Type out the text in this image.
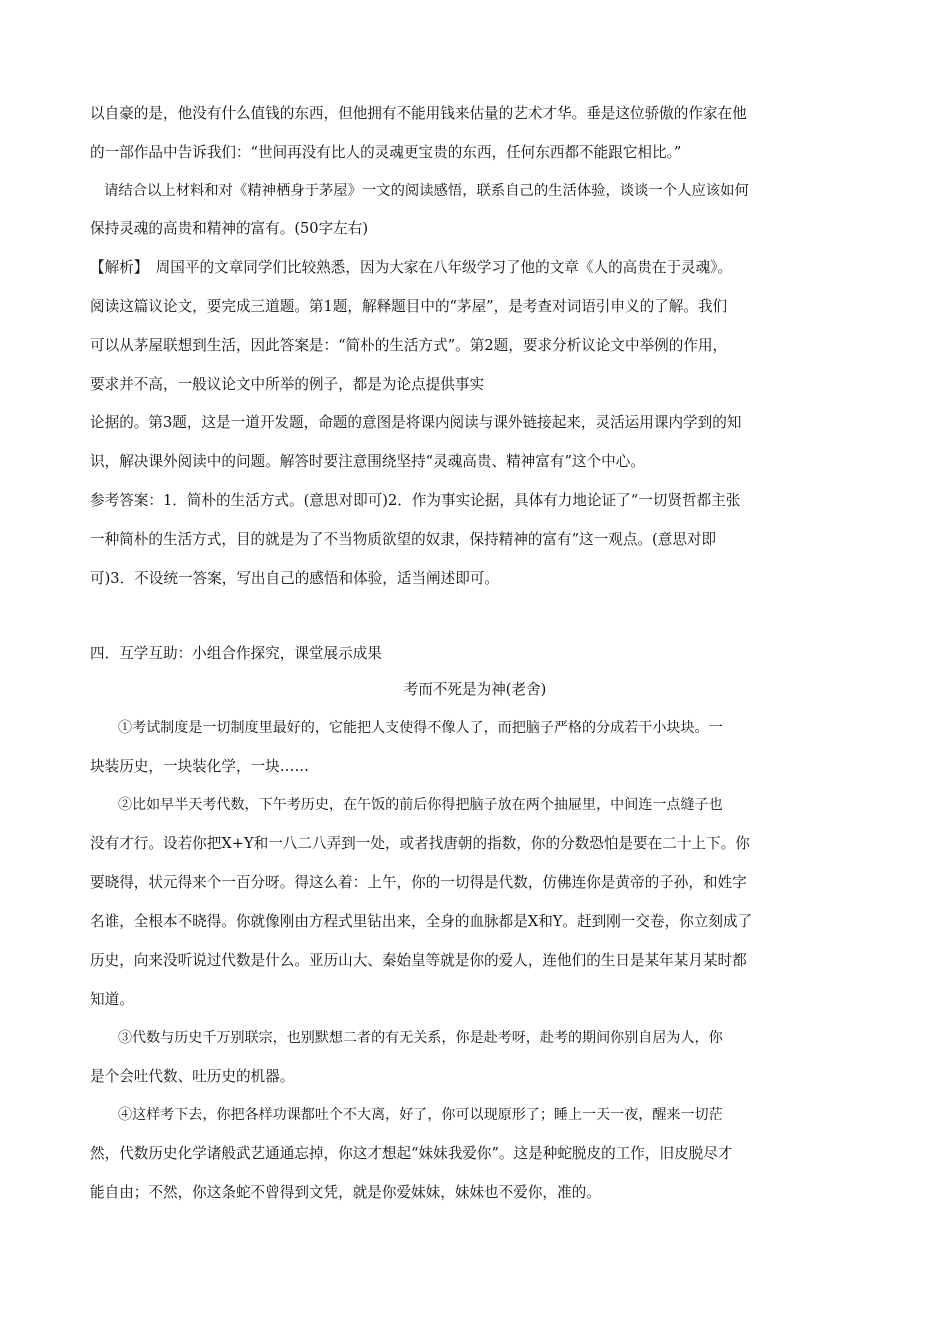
以自豪的是，他没有什么值钱的东西，但他拥有不能用钱来估量的艺术才华。垂是这位骄傲的作家在他
的一部作品中告诉我们：“世间再没有比人的灵魂更宝贵的东西，任何东西都不能跟它相比。”
请结合以上材料和对《精神栖身于茅屋》一文的阅读感悟，联系自己的生活体验，谈谈一个人应该如何
保持灵魂的高贵和精神的富有。(50字左右)
【解析】　周国平的文章同学们比较熟悉，因为大家在八年级学习了他的文章《人的高贵在于灵魂》。
阅读这篇议论文，要完成三道题。第1题，解释题目中的“茅屋”，是考查对词语引申义的了解。我们
可以从茅屋联想到生活，因此答案是：“简朴的生活方式”。第2题，要求分析议论文中举例的作用，
要求并不高，一般议论文中所举的例子，都是为论点提供事实
论据的。第3题，这是一道开发题，命题的意图是将课内阅读与课外链接起来，灵活运用课内学到的知
识，解决课外阅读中的问题。解答时要注意围绕坚持“灵魂高贵、精神富有”这个中心。
参考答案：1．简朴的生活方式。(意思对即可)2．作为事实论据，具体有力地论证了“一切贤哲都主张
一种简朴的生活方式，目的就是为了不当物质欲望的奴隶，保持精神的富有”这一观点。(意思对即
可)3．不设统一答案，写出自己的感悟和体验，适当阐述即可。
四．互学互助：小组合作探究，课堂展示成果
考而不死是为神(老舍)
①考试制度是一切制度里最好的，它能把人支使得不像人了，而把脑子严格的分成若干小块块。一
块装历史，一块装化学，一块……
②比如早半天考代数，下午考历史，在午饭的前后你得把脑子放在两个抽屉里，中间连一点缝子也
没有才行。设若你把X+Y和一八二八弄到一处，或者找唐朝的指数，你的分数恐怕是要在二十上下。你
要晓得，状元得来个一百分呀。得这么着：上午，你的一切得是代数，仿佛连你是黄帝的子孙，和姓字
名谁，全根本不晓得。你就像刚由方程式里钻出来，全身的血脉都是X和Y。赶到刚一交卷，你立刻成了
历史，向来没听说过代数是什么。亚历山大、秦始皇等就是你的爱人，连他们的生日是某年某月某时都
知道。
③代数与历史千万别联宗，也别默想二者的有无关系，你是赴考呀，赴考的期间你别自居为人，你
是个会吐代数、吐历史的机器。
④这样考下去，你把各样功课都吐个不大离，好了，你可以现原形了；睡上一天一夜，醒来一切茫
然，代数历史化学诸般武艺通通忘掉，你这才想起“妹妹我爱你”。这是种蛇脱皮的工作，旧皮脱尽才
能自由；不然，你这条蛇不曾得到文凭，就是你爱妹妹，妹妹也不爱你，准的。
